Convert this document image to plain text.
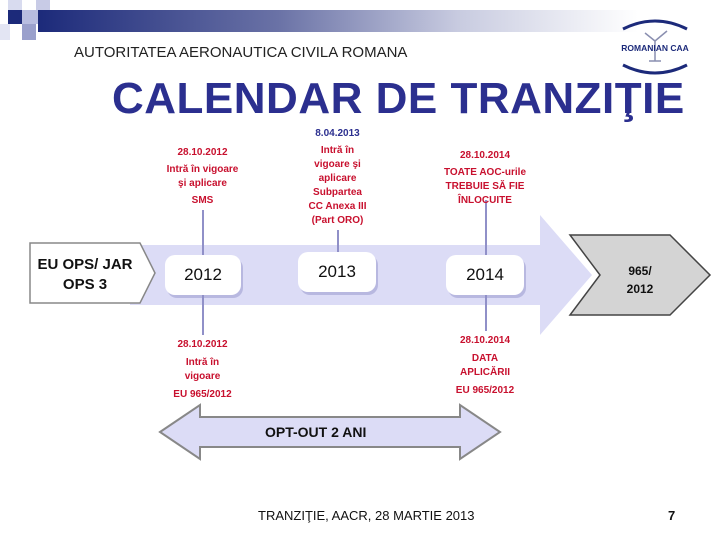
AUTORITATEA AERONAUTICA CIVILA ROMANA	ROMANIAN CAA
CALENDAR DE TRANZIŢIE
EU OPS/ JAR OPS 3
965/ 2012
2012	2013	2014
28.10.2012
Intră în vigoare
şi aplicare
SMS
8.04.2013
Intră în
vigoare şi
aplicare
Subpartea
CC Anexa III
(Part ORO)
28.10.2014
TOATE AOC-urile
TREBUIE SĂ FIE
ÎNLOCUITE
28.10.2012
Intră în
vigoare
EU 965/2012
28.10.2014
DATA
APLICĂRII
EU 965/2012
OPT-OUT 2 ANI
TRANZIŢIE, AACR, 28 MARTIE 2013	7
